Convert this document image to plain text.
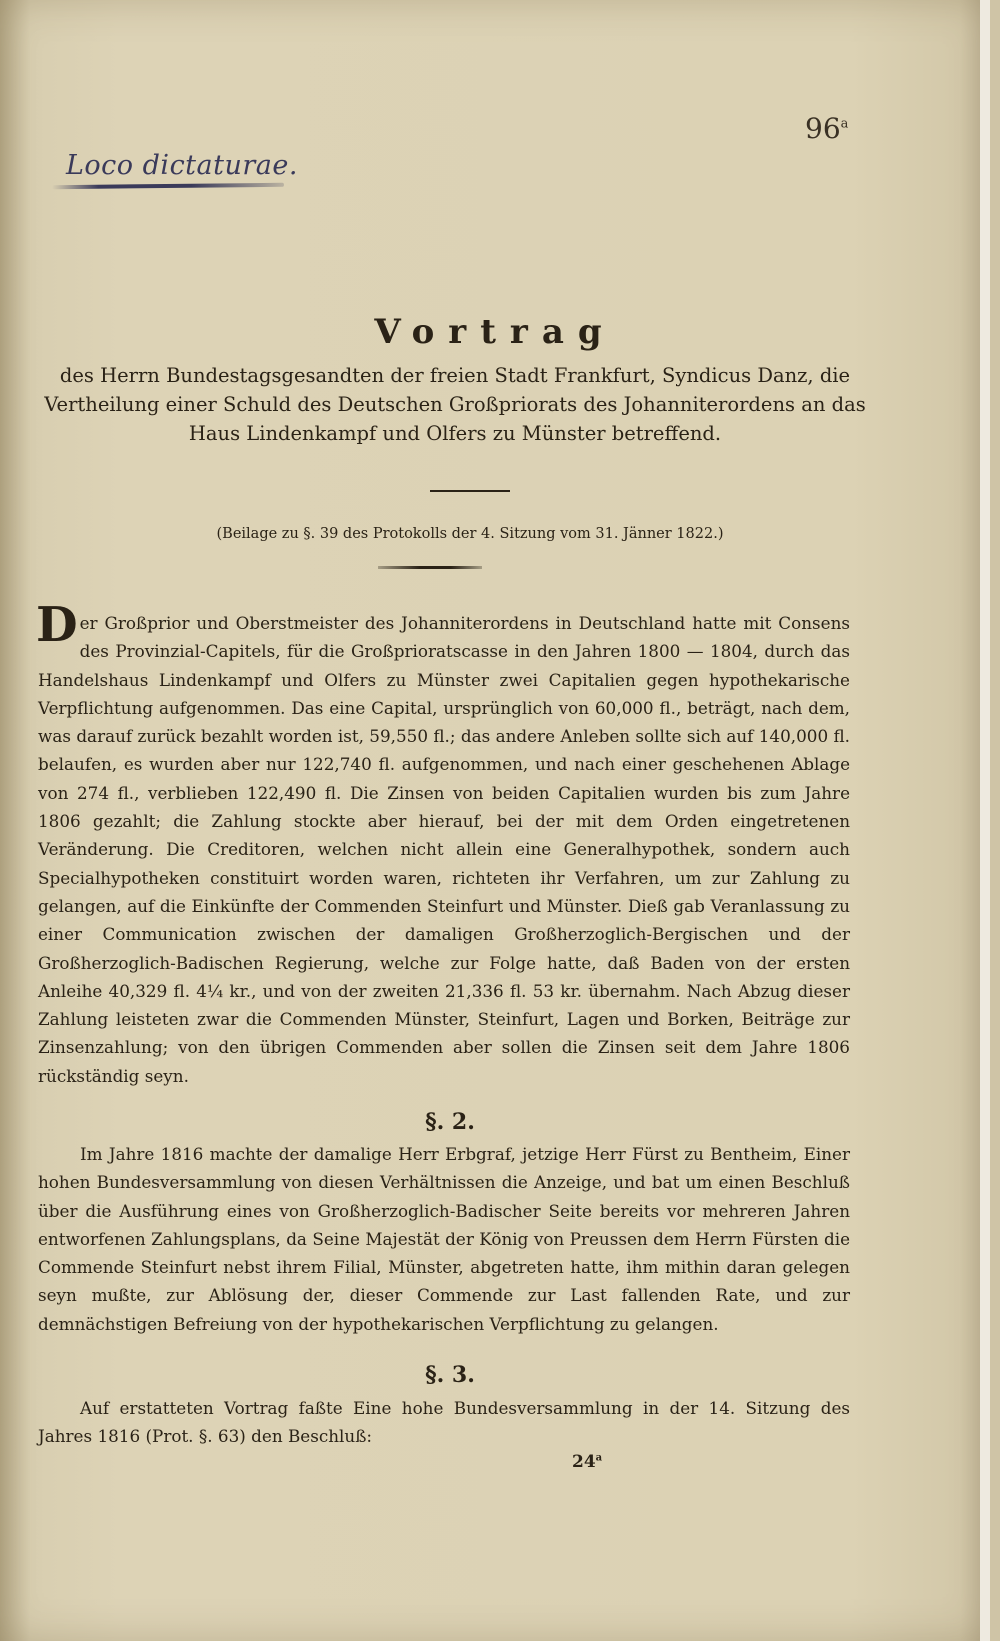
96$^a$
Loco dictaturae.
Vortrag
des Herrn Bundestagsgesandten der freien Stadt Frankfurt, Syndicus Danz, die Vertheilung einer Schuld des Deutschen Großpriorats des Johanniterordens an das Haus Lindenkampf und Olfers zu Münster betreffend.
(Beilage zu §. 39 des Protokolls der 4. Sitzung vom 31. Jänner 1822.)
Der Großprior und Oberstmeister des Johanniterordens in Deutschland hatte mit Consens des Provinzial-Capitels, für die Großprioratscasse in den Jahren 1800 — 1804, durch das Handelshaus Lindenkampf und Olfers zu Münster zwei Capitalien gegen hypothekarische Verpflichtung aufgenommen. Das eine Capital, ursprünglich von 60,000 fl., beträgt, nach dem, was darauf zurück bezahlt worden ist, 59,550 fl.; das andere Anleben sollte sich auf 140,000 fl. belaufen, es wurden aber nur 122,740 fl. aufgenommen, und nach einer geschehenen Ablage von 274 fl., verblieben 122,490 fl. Die Zinsen von beiden Capitalien wurden bis zum Jahre 1806 gezahlt; die Zahlung stockte aber hierauf, bei der mit dem Orden eingetretenen Veränderung. Die Creditoren, welchen nicht allein eine Generalhypothek, sondern auch Specialhypotheken constituirt worden waren, richteten ihr Verfahren, um zur Zahlung zu gelangen, auf die Einkünfte der Commenden Steinfurt und Münster. Dieß gab Veranlassung zu einer Communication zwischen der damaligen Großherzoglich-Bergischen und der Großherzoglich-Badischen Regierung, welche zur Folge hatte, daß Baden von der ersten Anleihe 40,329 fl. 4¼ kr., und von der zweiten 21,336 fl. 53 kr. übernahm. Nach Abzug dieser Zahlung leisteten zwar die Commenden Münster, Steinfurt, Lagen und Borken, Beiträge zur Zinsenzahlung; von den übrigen Commenden aber sollen die Zinsen seit dem Jahre 1806 rückständig seyn.
§. 2.
Im Jahre 1816 machte der damalige Herr Erbgraf, jetzige Herr Fürst zu Bentheim, Einer hohen Bundesversammlung von diesen Verhältnissen die Anzeige, und bat um einen Beschluß über die Ausführung eines von Großherzoglich-Badischer Seite bereits vor mehreren Jahren entworfenen Zahlungsplans, da Seine Majestät der König von Preussen dem Herrn Fürsten die Commende Steinfurt nebst ihrem Filial, Münster, abgetreten hatte, ihm mithin daran gelegen seyn mußte, zur Ablösung der, dieser Commende zur Last fallenden Rate, und zur demnächstigen Befreiung von der hypothekarischen Verpflichtung zu gelangen.
§. 3.
Auf erstatteten Vortrag faßte Eine hohe Bundesversammlung in der 14. Sitzung des Jahres 1816 (Prot. §. 63) den Beschluß:
24$^a$
